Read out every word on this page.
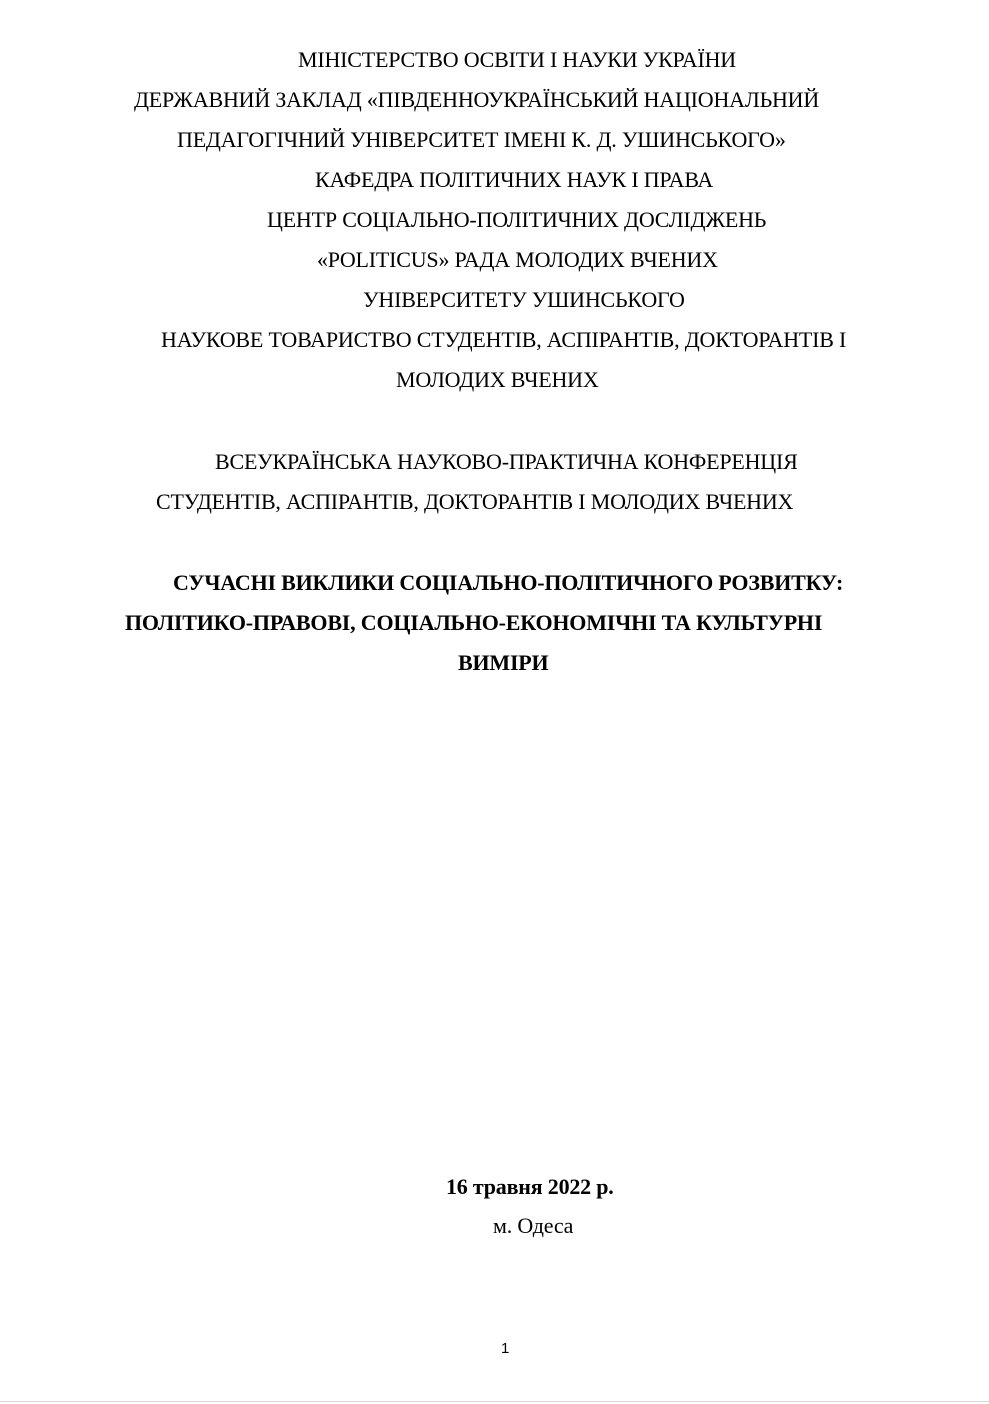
МІНІСТЕРСТВО ОСВІТИ І НАУКИ УКРАЇНИ
ДЕРЖАВНИЙ ЗАКЛАД «ПІВДЕННОУКРАЇНСЬКИЙ НАЦІОНАЛЬНИЙ
ПЕДАГОГІЧНИЙ УНІВЕРСИТЕТ ІМЕНІ К. Д. УШИНСЬКОГО»
КАФЕДРА ПОЛІТИЧНИХ НАУК І ПРАВА
ЦЕНТР СОЦІАЛЬНО-ПОЛІТИЧНИХ ДОСЛІДЖЕНЬ
«POLITICUS» РАДА МОЛОДИХ ВЧЕНИХ
УНІВЕРСИТЕТУ УШИНСЬКОГО
НАУКОВЕ ТОВАРИСТВО СТУДЕНТІВ, АСПІРАНТІВ, ДОКТОРАНТІВ І
МОЛОДИХ ВЧЕНИХ
ВСЕУКРАЇНСЬКА НАУКОВО-ПРАКТИЧНА КОНФЕРЕНЦІЯ
СТУДЕНТІВ, АСПІРАНТІВ, ДОКТОРАНТІВ І МОЛОДИХ ВЧЕНИХ
СУЧАСНІ ВИКЛИКИ СОЦІАЛЬНО-ПОЛІТИЧНОГО РОЗВИТКУ:
ПОЛІТИКО-ПРАВОВІ, СОЦІАЛЬНО-ЕКОНОМІЧНІ ТА КУЛЬТУРНІ
ВИМІРИ
16 травня 2022 р.
м. Одеса
1
